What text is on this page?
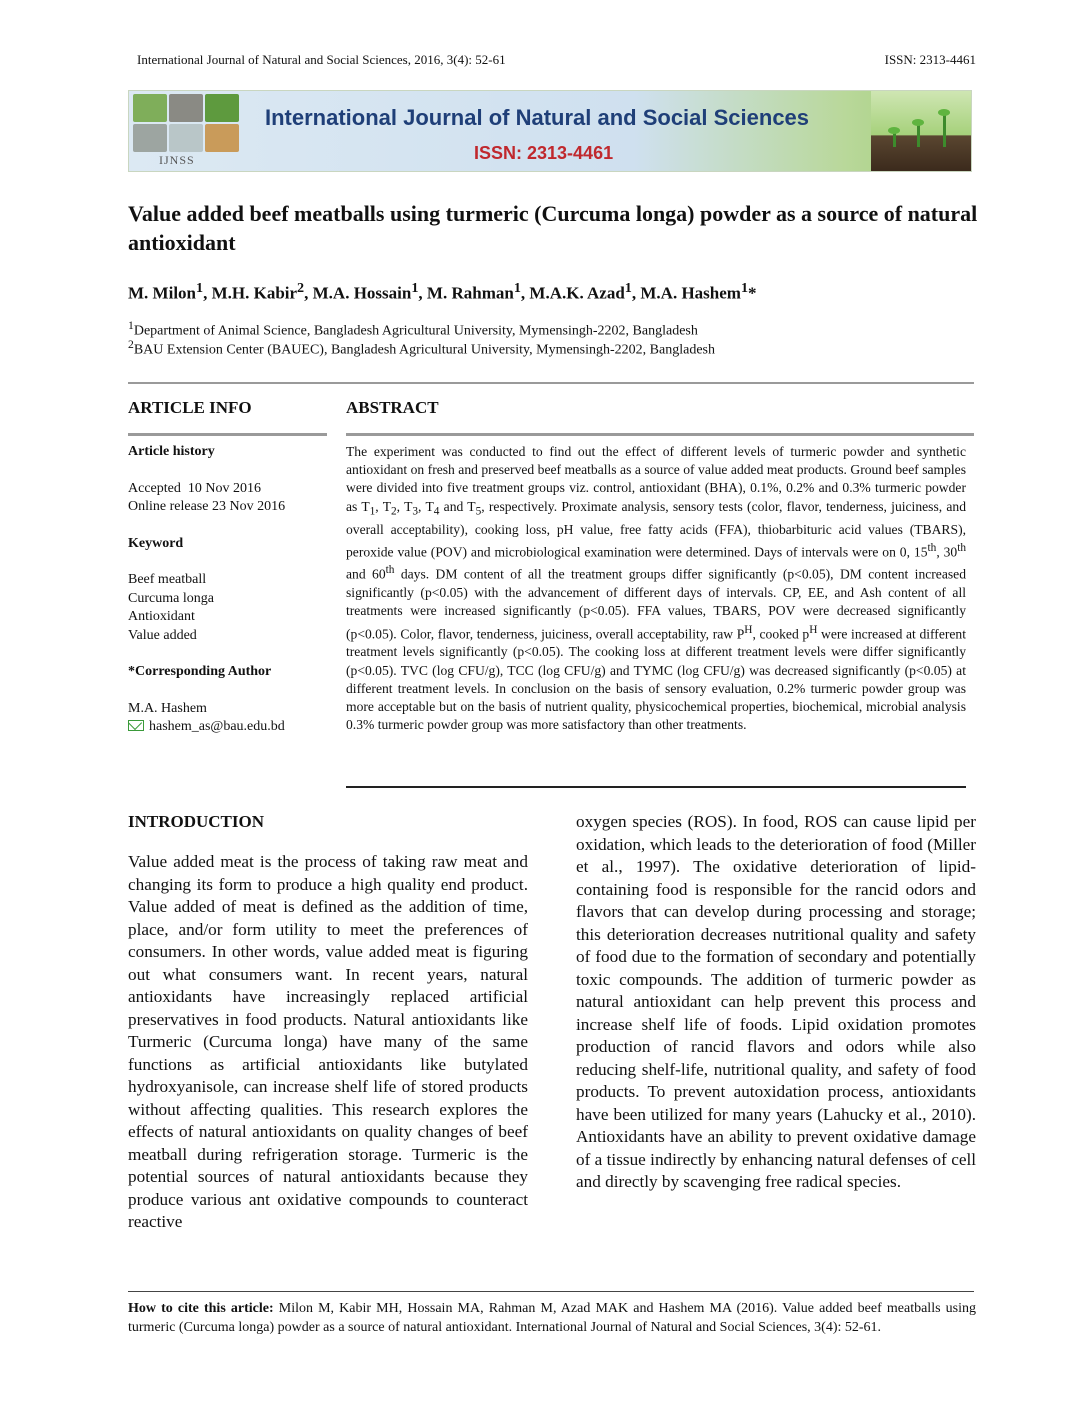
International Journal of Natural and Social Sciences, 2016, 3(4): 52-61	ISSN: 2313-4461
IJNSS
International Journal of Natural and Social Sciences
ISSN: 2313-4461
Value added beef meatballs using turmeric (Curcuma longa) powder as a source of natural antioxidant
M. Milon$^1$, M.H. Kabir$^2$, M.A. Hossain$^1$, M. Rahman$^1$, M.A.K. Azad$^1$, M.A. Hashem$^1$*
$^1$Department of Animal Science, Bangladesh Agricultural University, Mymensingh-2202, Bangladesh
$^2$BAU Extension Center (BAUEC), Bangladesh Agricultural University, Mymensingh-2202, Bangladesh
ARTICLE INFO	ABSTRACT
Article history
Accepted  10 Nov 2016
Online release 23 Nov 2016
Keyword
Beef meatball
Curcuma longa
Antioxidant
Value added
*Corresponding Author
M.A. Hashem
hashem_as@bau.edu.bd
The experiment was conducted to find out the effect of different levels of turmeric powder and synthetic antioxidant on fresh and preserved beef meatballs as a source of value added meat products. Ground beef samples were divided into five treatment groups viz. control, antioxidant (BHA), 0.1%, 0.2% and 0.3% turmeric powder as $T_1$, $T_2$, $T_3$, $T_4$ and $T_5$, respectively. Proximate analysis, sensory tests (color, flavor, tenderness, juiciness, and overall acceptability), cooking loss, pH value, free fatty acids (FFA), thiobarbituric acid values (TBARS), peroxide value (POV) and microbiological examination were determined. Days of intervals were on 0, 15th, 30th and 60th days. DM content of all the treatment groups differ significantly (p<0.05), DM content increased significantly (p<0.05) with the advancement of different days of intervals. CP, EE, and Ash content of all treatments were increased significantly (p<0.05). FFA values, TBARS, POV were decreased significantly (p<0.05). Color, flavor, tenderness, juiciness, overall acceptability, raw $P^H$, cooked $p^H$ were increased at different treatment levels significantly (p<0.05). The cooking loss at different treatment levels were differ significantly (p<0.05). TVC (log CFU/g), TCC (log CFU/g) and TYMC (log CFU/g) was decreased significantly (p<0.05) at different treatment levels. In conclusion on the basis of sensory evaluation, 0.2% turmeric powder group was more acceptable but on the basis of nutrient quality, physicochemical properties, biochemical, microbial analysis 0.3% turmeric powder group was more satisfactory than other treatments.
INTRODUCTION
Value added meat is the process of taking raw meat and changing its form to produce a high quality end product. Value added of meat is defined as the addition of time, place, and/or form utility to meet the preferences of consumers. In other words, value added meat is figuring out what consumers want. In recent years, natural antioxidants have increasingly replaced artificial preservatives in food products. Natural antioxidants like Turmeric (Curcuma longa) have many of the same functions as artificial antioxidants like butylated hydroxyanisole, can increase shelf life of stored products without affecting qualities. This research explores the effects of natural antioxidants on quality changes of beef meatball during refrigeration storage. Turmeric is the potential sources of natural antioxidants because they produce various ant oxidative compounds to counteract reactive
oxygen species (ROS). In food, ROS can cause lipid per oxidation, which leads to the deterioration of food (Miller et al., 1997). The oxidative deterioration of lipid-containing food is responsible for the rancid odors and flavors that can develop during processing and storage; this deterioration decreases nutritional quality and safety of food due to the formation of secondary and potentially toxic compounds. The addition of turmeric powder as natural antioxidant can help prevent this process and increase shelf life of foods. Lipid oxidation promotes production of rancid flavors and odors while also reducing shelf-life, nutritional quality, and safety of food products. To prevent autoxidation process, antioxidants have been utilized for many years (Lahucky et al., 2010). Antioxidants have an ability to prevent oxidative damage of a tissue indirectly by enhancing natural defenses of cell and directly by scavenging free radical species.
How to cite this article: Milon M, Kabir MH, Hossain MA, Rahman M, Azad MAK and Hashem MA (2016). Value added beef meatballs using turmeric (Curcuma longa) powder as a source of natural antioxidant. International Journal of Natural and Social Sciences, 3(4): 52-61.
